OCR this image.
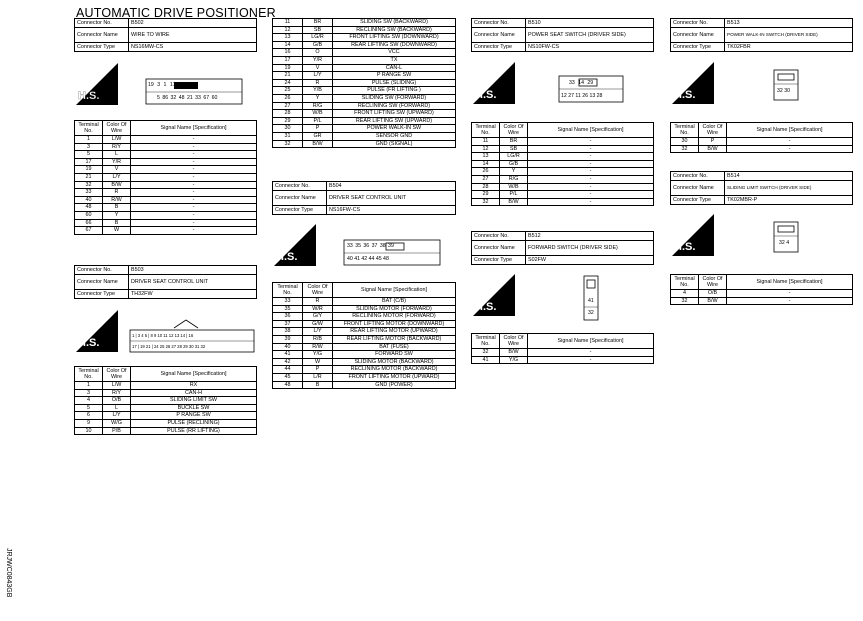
AUTOMATIC DRIVE POSITIONER
Connector No.	B502
Connector Name	WIRE TO WIRE
Connector Type	NS16MW-CS
H.S.
19 3 1 17 40
5 86 32 48 21 33 67 60
Terminal No.	Color Of Wire	Signal Name [Specification]
1	L/W	-
3	R/Y	-
5	L	-
17	Y/R	-
19	V	-
21	L/Y	-
32	B/W	-
33	R	-
40	R/W	-
48	B	-
60	Y	-
66	B	-
67	W	-
Connector No.	B503
Connector Name	DRIVER SEAT CONTROL UNIT
Connector Type	TH32FW
H.S.
1 | 3 4 5 | 8 9 10 11 12 13 14 | 16
17 | 19 21 | 24 25 26 27 28 29 30 31 32
Terminal No.	Color Of Wire	Signal Name [Specification]
1	L/W	RX
3	R/Y	CAN-H
4	O/B	SLIDING LIMIT SW
5	L	BUCKLE SW
6	L/Y	P RANGE SW
9	W/G	PULSE (RECLINING)
10	P/B	PULSE (RR LIFTING)
11	BR	SLIDING SW (BACKWARD)
12	SB	RECLINING SW (BACKWARD)
13	LG/R	FRONT LIFTING SW (DOWNWARD)
14	G/B	REAR LIFTING SW (DOWNWARD)
16	O	VCC
17	Y/R	TX
19	V	CAN-L
21	L/Y	P RANGE SW
24	R	PULSE (SLIDING)
25	Y/B	PULSE (FR LIFTING )
26	Y	SLIDING SW (FORWARD)
27	R/G	RECLINING SW (FORWARD)
28	W/B	FRONT LIFTING SW (UPWARD)
29	P/L	REAR LIFTING SW (UPWARD)
30	P	POWER WALK-IN SW
31	GR	SENSOR GND
32	B/W	GND (SIGNAL)
Connector No.	B504
Connector Name	DRIVER SEAT CONTROL UNIT
Connector Type	NS16FW-CS
H.S.
33 35 36 37 38 39
40 41 42 44 45 48
Terminal No.	Color Of Wire	Signal Name [Specification]
33	R	BAT (C/B)
35	W/R	SLIDING MOTOR (FORWARD)
36	G/Y	RECLINING MOTOR (FORWARD)
37	G/W	FRONT LIFTING MOTOR (DOWNWARD)
38	L/Y	REAR LIFTING MOTOR (UPWARD)
39	R/B	REAR LIFTING MOTOR (BACKWARD)
40	R/W	BAT (FUSE)
41	Y/G	FORWARD SW
42	W	SLIDING MOTOR (BACKWARD)
44	P	RECLINING MOTOR (BACKWARD)
45	L/R	FRONT LIFTING MOTOR (UPWARD)
48	B	GND (POWER)
Connector No.	B510
Connector Name	POWER SEAT SWITCH (DRIVER SIDE)
Connector Type	NS10FW-CS
H.S.
33 14 29
12 27 11 26 13 28
Terminal No.	Color Of Wire	Signal Name [Specification]
11	BR	-
12	SB	-
13	LG/R	-
14	G/B	-
26	Y	-
27	R/G	-
28	W/B	-
29	P/L	-
32	B/W	-
Connector No.	B512
Connector Name	FORWARD SWITCH (DRIVER SIDE)
Connector Type	S02FW
H.S.	41
32
Terminal No.	Color Of Wire	Signal Name [Specification]
32	B/W	-
41	Y/G	-
Connector No.	B513
Connector Name	POWER WALK-IN SWITCH (DRIVER SIDE)
Connector Type	TK02FBR
H.S.	32 30
Terminal No.	Color Of Wire	Signal Name [Specification]
30	P	-
32	B/W	-
Connector No.	B514
Connector Name	SLIDING LIMIT SWITCH (DRIVER SIDE)
Connector Type	TK02MBR-P
H.S.	32 4
Terminal No.	Color Of Wire	Signal Name [Specification]
4	O/B	-
32	B/W	-
JRJWC0843GB
